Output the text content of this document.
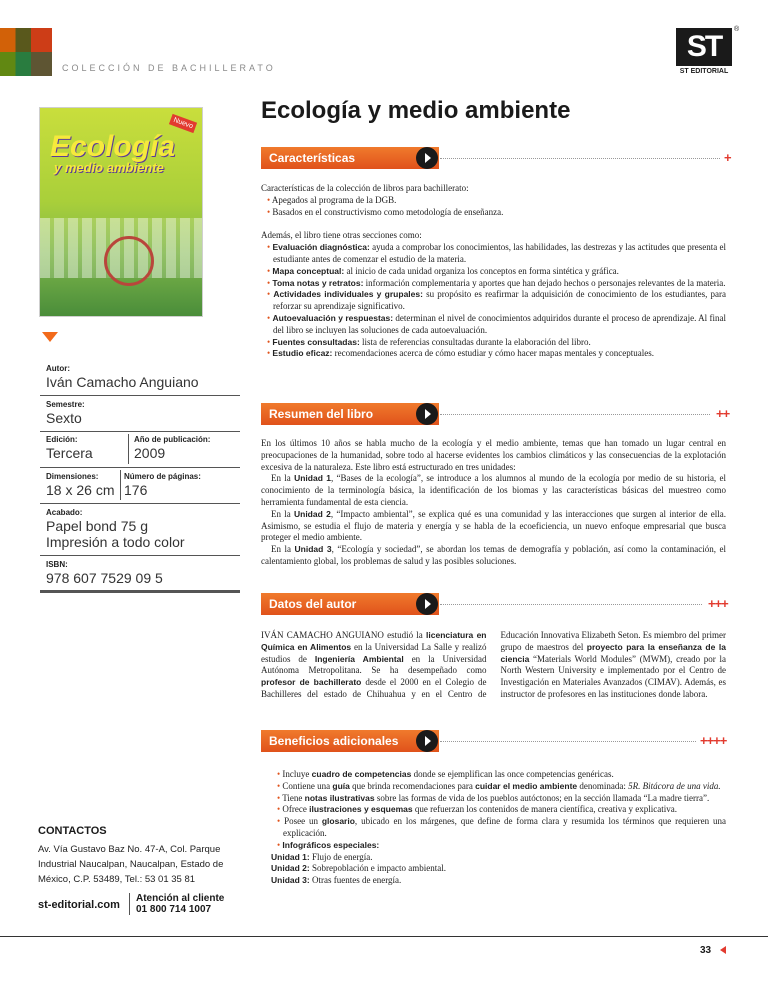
COLECCIÓN DE BACHILLERATO
ST
®
ST EDITORIAL
Nuevo
Ecología
y medio ambiente
Autor:
Iván Camacho Anguiano
Semestre:
Sexto
Edición:
Tercera
Año de publicación:
2009
Dimensiones:
18 x 26 cm
Número de páginas:
176
Acabado:
Papel bond 75 g
Impresión a todo color
ISBN:
978 607 7529 09 5
Ecología y medio ambiente
Características	+

Características de la colección de libros para bachillerato:

• Apegados al programa de la DGB.

• Basados en el constructivismo como metodología de enseñanza.

Además, el libro tiene otras secciones como:

• Evaluación diagnóstica: ayuda a comprobar los conocimientos, las habilidades, las destrezas y las actitudes que presenta el estudiante antes de comenzar el estudio de la materia.

• Mapa conceptual: al inicio de cada unidad organiza los conceptos en forma sintética y gráfica.

• Toma notas y retratos: información complementaria y aportes que han dejado hechos o personajes relevantes de la materia.

• Actividades individuales y grupales: su propósito es reafirmar la adquisición de conocimiento de los estudiantes, para reforzar su aprendizaje significativo.

• Autoevaluación y respuestas: determinan el nivel de conocimientos adquiridos durante el proceso de aprendizaje. Al final del libro se incluyen las soluciones de cada autoevaluación.

• Fuentes consultadas: lista de referencias consultadas durante la elaboración del libro.

• Estudio eficaz: recomendaciones acerca de cómo estudiar y cómo hacer mapas mentales y conceptuales.

Resumen del libro	++

En los últimos 10 años se habla mucho de la ecología y el medio ambiente, temas que han tomado un lugar central en preocupaciones de la humanidad, sobre todo al hacerse evidentes los cambios climáticos y las consecuencias de la explotación excesiva de la naturaleza. Este libro está estructurado en tres unidades:

En la Unidad 1, “Bases de la ecología”, se introduce a los alumnos al mundo de la ecología por medio de su historia, el conocimiento de la terminología básica, la identificación de los biomas y las características básicas del muestreo como herramienta fundamental de esta ciencia.

En la Unidad 2, “Impacto ambiental”, se explica qué es una comunidad y las interacciones que surgen al interior de ella. Asimismo, se estudia el flujo de materia y energía y se habla de la ecoeficiencia, un nuevo enfoque empresarial que busca proteger el medio ambiente.

En la Unidad 3, “Ecología y sociedad”, se abordan los temas de demografía y población, así como la contaminación, el calentamiento global, los problemas de salud y las posibles soluciones.

Datos del autor	+++

IVÁN CAMACHO ANGUIANO estudió la licenciatura en Química en Alimentos en la Universidad La Salle y realizó estudios de Ingeniería Ambiental en la Universidad Autónoma Metropolitana. Se ha desempeñado como profesor de bachillerato desde el 2000 en el Colegio de Bachilleres del estado de Chihuahua y en el Centro de Educación Innovativa Elizabeth Seton. Es miembro del primer grupo de maestros del proyecto para la enseñanza de la ciencia “Materials World Modules” (MWM), creado por la North Western University e implementado por el Centro de Investigación en Materiales Avanzados (CIMAV). Además, es instructor de profesores en las instituciones donde labora.

Beneficios adicionales	++++

• Incluye cuadro de competencias donde se ejemplifican las once competencias genéricas.

• Contiene una guía que brinda recomendaciones para cuidar el medio ambiente denominada: 5R. Bitácora de una vida.

• Tiene notas ilustrativas sobre las formas de vida de los pueblos autóctonos; en la sección llamada “La madre tierra”.

• Ofrece ilustraciones y esquemas que refuerzan los contenidos de manera científica, creativa y explicativa.

• Posee un glosario, ubicado en los márgenes, que define de forma clara y resumida los términos que requieren una explicación.

• Infográficos especiales:

Unidad 1: Flujo de energía.

Unidad 2: Sobrepoblación e impacto ambiental.

Unidad 3: Otras fuentes de energía.

CONTACTOS
Av. Vía Gustavo Baz No. 47-A, Col. Parque
Industrial Naucalpan, Naucalpan, Estado de
México, C.P. 53489, Tel.: 53 01 35 81
st-editorial.com
Atención al cliente
01 800 714 1007
33
